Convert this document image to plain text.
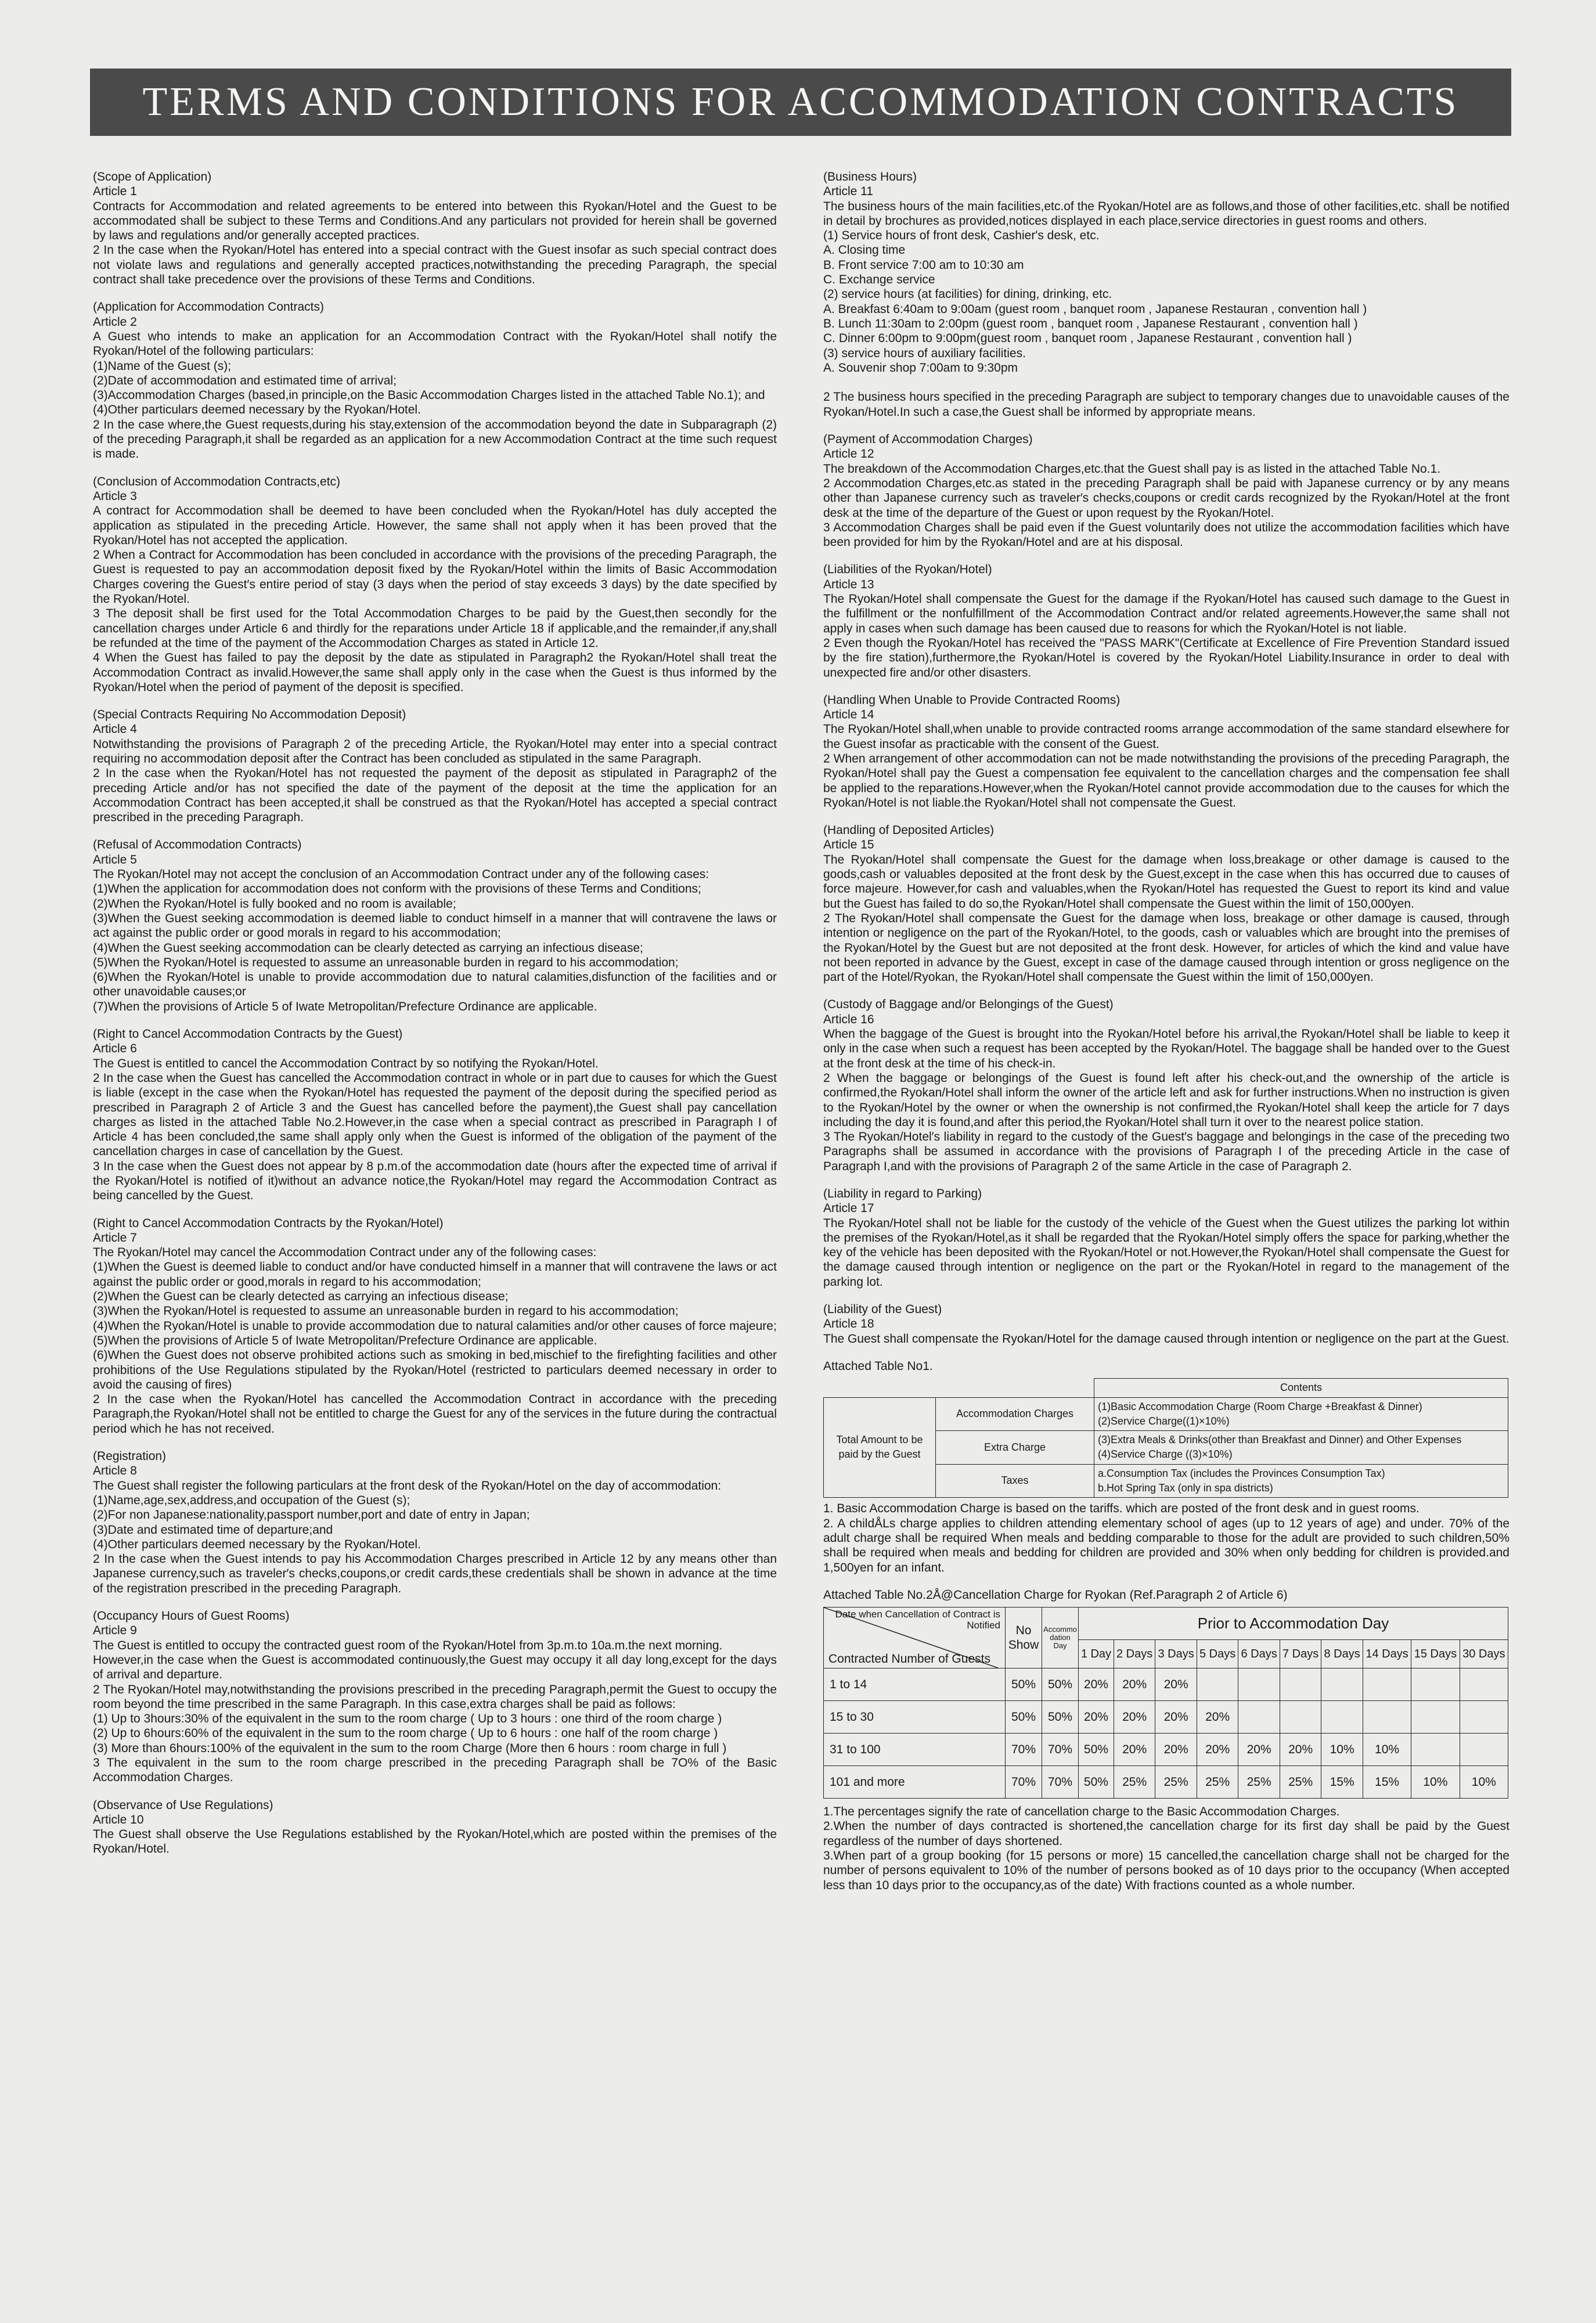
TERMS AND CONDITIONS FOR ACCOMMODATION CONTRACTS

(Scope of Application)

Article 1

Contracts for Accommodation and related agreements to be entered into between this Ryokan/Hotel and the Guest to be accommodated shall be subject to these Terms and Conditions.And any particulars not provided for herein shall be governed by laws and regulations and/or generally accepted practices.

2 In the case when the Ryokan/Hotel has entered into a special contract with the Guest insofar as such special contract does not violate laws and regulations and generally accepted practices,notwithstanding the preceding Paragraph, the special contract shall take precedence over the provisions of these Terms and Conditions.

(Application for Accommodation Contracts)

Article 2

A Guest who intends to make an application for an Accommodation Contract with the Ryokan/Hotel shall notify the Ryokan/Hotel of the following particulars:

(1)Name of the Guest (s);

(2)Date of accommodation and estimated time of arrival;

(3)Accommodation Charges (based,in principle,on the Basic Accommodation Charges listed in the attached Table No.1); and

(4)Other particulars deemed necessary by the Ryokan/Hotel.

2 In the case where,the Guest requests,during his stay,extension of the accommodation beyond the date in Subparagraph (2) of the preceding Paragraph,it shall be regarded as an application for a new Accommodation Contract at the time such request is made.

(Conclusion of Accommodation Contracts,etc)

Article 3

A contract for Accommodation shall be deemed to have been concluded when the Ryokan/Hotel has duly accepted the application as stipulated in the preceding Article. However, the same shall not apply when it has been proved that the Ryokan/Hotel has not accepted the application.

2 When a Contract for Accommodation has been concluded in accordance with the provisions of the preceding Paragraph, the Guest is requested to pay an accommodation deposit fixed by the Ryokan/Hotel within the limits of Basic Accommodation Charges covering the Guest′s entire period of stay (3 days when the period of stay exceeds 3 days) by the date specified by the Ryokan/Hotel.

3 The deposit shall be first used for the Total Accommodation Charges to be paid by the Guest,then secondly for the cancellation charges under Article 6 and thirdly for the reparations under Article 18 if applicable,and the remainder,if any,shall be refunded at the time of the payment of the Accommodation Charges as stated in Article 12.

4 When the Guest has failed to pay the deposit by the date as stipulated in Paragraph2 the Ryokan/Hotel shall treat the Accommodation Contract as invalid.However,the same shall apply only in the case when the Guest is thus informed by the Ryokan/Hotel when the period of payment of the deposit is specified.

(Special Contracts Requiring No Accommodation Deposit)

Article 4

Notwithstanding the provisions of Paragraph 2 of the preceding Article, the Ryokan/Hotel may enter into a special contract requiring no accommodation deposit after the Contract has been concluded as stipulated in the same Paragraph.

2 In the case when the Ryokan/Hotel has not requested the payment of the deposit as stipulated in Paragraph2 of the preceding Article and/or has not specified the date of the payment of the deposit at the time the application for an Accommodation Contract has been accepted,it shall be construed as that the Ryokan/Hotel has accepted a special contract prescribed in the preceding Paragraph.

(Refusal of Accommodation Contracts)

Article 5

The Ryokan/Hotel may not accept the conclusion of an Accommodation Contract under any of the following cases:

(1)When the application for accommodation does not conform with the provisions of these Terms and Conditions;

(2)When the Ryokan/Hotel is fully booked and no room is available;

(3)When the Guest seeking accommodation is deemed liable to conduct himself in a manner that will contravene the laws or act against the public order or good morals in regard to his accommodation;

(4)When the Guest seeking accommodation can be clearly detected as carrying an infectious disease;

(5)When the Ryokan/Hotel is requested to assume an unreasonable burden in regard to his accommodation;

(6)When the Ryokan/Hotel is unable to provide accommodation due to natural calamities,disfunction of the facilities and or other unavoidable causes;or

(7)When the provisions of Article 5 of Iwate Metropolitan/Prefecture Ordinance are applicable.

(Right to Cancel Accommodation Contracts by the Guest)

Article 6

The Guest is entitled to cancel the Accommodation Contract by so notifying the Ryokan/Hotel.

2 In the case when the Guest has cancelled the Accommodation contract in whole or in part due to causes for which the Guest is liable (except in the case when the Ryokan/Hotel has requested the payment of the deposit during the specified period as prescribed in Paragraph 2 of Article 3 and the Guest has cancelled before the payment),the Guest shall pay cancellation charges as listed in the attached Table No.2.However,in the case when a special contract as prescribed in Paragraph I of Article 4 has been concluded,the same shall apply only when the Guest is informed of the obligation of the payment of the cancellation charges in case of cancellation by the Guest.

3 In the case when the Guest does not appear by 8 p.m.of the accommodation date (hours after the expected time of arrival if the Ryokan/Hotel is notified of it)without an advance notice,the Ryokan/Hotel may regard the Accommodation Contract as being cancelled by the Guest.

(Right to Cancel Accommodation Contracts by the Ryokan/Hotel)

Article 7

The Ryokan/Hotel may cancel the Accommodation Contract under any of the following cases:

(1)When the Guest is deemed liable to conduct and/or have conducted himself in a manner that will contravene the laws or act against the public order or good,morals in regard to his accommodation;

(2)When the Guest can be clearly detected as carrying an infectious disease;

(3)When the Ryokan/Hotel is requested to assume an unreasonable burden in regard to his accommodation;

(4)When the Ryokan/Hotel is unable to provide accommodation due to natural calamities and/or other causes of force majeure;

(5)When the provisions of Article 5 of Iwate Metropolitan/Prefecture Ordinance are applicable.

(6)When the Guest does not observe prohibited actions such as smoking in bed,mischief to the firefighting facilities and other prohibitions of the Use Regulations stipulated by the Ryokan/Hotel (restricted to particulars deemed necessary in order to avoid the causing of fires)

2 In the case when the Ryokan/Hotel has cancelled the Accommodation Contract in accordance with the preceding Paragraph,the Ryokan/Hotel shall not be entitled to charge the Guest for any of the services in the future during the contractual period which he has not received.

(Registration)

Article 8

The Guest shall register the following particulars at the front desk of the Ryokan/Hotel on the day of accommodation:

(1)Name,age,sex,address,and occupation of the Guest (s);

(2)For non Japanese:nationality,passport number,port and date of entry in Japan;

(3)Date and estimated time of departure;and

(4)Other particulars deemed necessary by the Ryokan/Hotel.

2 In the case when the Guest intends to pay his Accommodation Charges prescribed in Article 12 by any means other than Japanese currency,such as traveler′s checks,coupons,or credit cards,these credentials shall be shown in advance at the time of the registration prescribed in the preceding Paragraph.

(Occupancy Hours of Guest Rooms)

Article 9

The Guest is entitled to occupy the contracted guest room of the Ryokan/Hotel from 3p.m.to 10a.m.the next morning.

However,in the case when the Guest is accommodated continuously,the Guest may occupy it all day long,except for the days of arrival and departure.

2 The Ryokan/Hotel may,notwithstanding the provisions prescribed in the preceding Paragraph,permit the Guest to occupy the room beyond the time prescribed in the same Paragraph. In this case,extra charges shall be paid as follows:

(1) Up to 3hours:30% of the equivalent in the sum to the room charge ( Up to 3 hours : one third of the room charge )

(2) Up to 6hours:60% of the equivalent in the sum to the room charge ( Up to 6 hours : one half of the room charge )

(3) More than 6hours:100% of the equivalent in the sum to the room Charge (More then 6 hours : room charge in full )

3 The equivalent in the sum to the room charge prescribed in the preceding Paragraph shall be 7O% of the Basic Accommodation Charges.

(Observance of Use Regulations)

Article 10

The Guest shall observe the Use Regulations established by the Ryokan/Hotel,which are posted within the premises of the Ryokan/Hotel.

(Business Hours)

Article 11

The business hours of the main facilities,etc.of the Ryokan/Hotel are as follows,and those of other facilities,etc. shall be notified in detail by brochures as provided,notices displayed in each place,service directories in guest rooms and others.

(1) Service hours of front desk, Cashier's desk, etc.

A. Closing time

B. Front service 7:00 am to 10:30 am

C. Exchange service

(2) service hours (at facilities) for dining, drinking, etc.

A. Breakfast 6:40am to 9:00am (guest room , banquet room , Japanese Restauran , convention hall )

B. Lunch 11:30am to 2:00pm (guest room , banquet room , Japanese Restaurant , convention hall )

C. Dinner 6:00pm to 9:00pm(guest room , banquet room , Japanese Restaurant , convention hall )

(3) service hours of auxiliary facilities.

A. Souvenir shop 7:00am to 9:30pm

2 The business hours specified in the preceding Paragraph are subject to temporary changes due to unavoidable causes of the Ryokan/Hotel.In such a case,the Guest shall be informed by appropriate means.

(Payment of Accommodation Charges)

Article 12

The breakdown of the Accommodation Charges,etc.that the Guest shall pay is as listed in the attached Table No.1.

2 Accommodation Charges,etc.as stated in the preceding Paragraph shall be paid with Japanese currency or by any means other than Japanese currency such as traveler′s checks,coupons or credit cards recognized by the Ryokan/Hotel at the front desk at the time of the departure of the Guest or upon request by the Ryokan/Hotel.

3 Accommodation Charges shall be paid even if the Guest voluntarily does not utilize the accommodation facilities which have been provided for him by the Ryokan/Hotel and are at his disposal.

(Liabilities of the Ryokan/Hotel)

Article 13

The Ryokan/Hotel shall compensate the Guest for the damage if the Ryokan/Hotel has caused such damage to the Guest in the fulfillment or the nonfulfillment of the Accommodation Contract and/or related agreements.However,the same shall not apply in cases when such damage has been caused due to reasons for which the Ryokan/Hotel is not liable.

2 Even though the Ryokan/Hotel has received the "PASS MARK"(Certificate at Excellence of Fire Prevention Standard issued by the fire station),furthermore,the Ryokan/Hotel is covered by the Ryokan/Hotel Liability.Insurance in order to deal with unexpected fire and/or other disasters.

(Handling When Unable to Provide Contracted Rooms)

Article 14

The Ryokan/Hotel shall,when unable to provide contracted rooms arrange accommodation of the same standard elsewhere for the Guest insofar as practicable with the consent of the Guest.

2 When arrangement of other accommodation can not be made notwithstanding the provisions of the preceding Paragraph, the Ryokan/Hotel shall pay the Guest a compensation fee equivalent to the cancellation charges and the compensation fee shall be applied to the reparations.However,when the Ryokan/Hotel cannot provide accommodation due to the causes for which the Ryokan/Hotel is not liable.the Ryokan/Hotel shall not compensate the Guest.

(Handling of Deposited Articles)

Article 15

The Ryokan/Hotel shall compensate the Guest for the damage when loss,breakage or other damage is caused to the goods,cash or valuables deposited at the front desk by the Guest,except in the case when this has occurred due to causes of force majeure. However,for cash and valuables,when the Ryokan/Hotel has requested the Guest to report its kind and value but the Guest has failed to do so,the Ryokan/Hotel shall compensate the Guest within the limit of 150,000yen.

2 The Ryokan/Hotel shall compensate the Guest for the damage when loss, breakage or other damage is caused, through intention or negligence on the part of the Ryokan/Hotel, to the goods, cash or valuables which are brought into the premises of the Ryokan/Hotel by the Guest but are not deposited at the front desk. However, for articles of which the kind and value have not been reported in advance by the Guest, except in case of the damage caused through intention or gross negligence on the part of the Hotel/Ryokan, the Ryokan/Hotel shall compensate the Guest within the limit of 150,000yen.

(Custody of Baggage and/or Belongings of the Guest)

Article 16

When the baggage of the Guest is brought into the Ryokan/Hotel before his arrival,the Ryokan/Hotel shall be liable to keep it only in the case when such a request has been accepted by the Ryokan/Hotel. The baggage shall be handed over to the Guest at the front desk at the time of his check-in.

2 When the baggage or belongings of the Guest is found left after his check-out,and the ownership of the article is confirmed,the Ryokan/Hotel shall inform the owner of the article left and ask for further instructions.When no instruction is given to the Ryokan/Hotel by the owner or when the ownership is not confirmed,the Ryokan/Hotel shall keep the article for 7 days including the day it is found,and after this period,the Ryokan/Hotel shall turn it over to the nearest police station.

3 The Ryokan/Hotel′s liability in regard to the custody of the Guest′s baggage and belongings in the case of the preceding two Paragraphs shall be assumed in accordance with the provisions of Paragraph I of the preceding Article in the case of Paragraph I,and with the provisions of Paragraph 2 of the same Article in the case of Paragraph 2.

(Liability in regard to Parking)

Article 17

The Ryokan/Hotel shall not be liable for the custody of the vehicle of the Guest when the Guest utilizes the parking lot within the premises of the Ryokan/Hotel,as it shall be regarded that the Ryokan/Hotel simply offers the space for parking,whether the key of the vehicle has been deposited with the Ryokan/Hotel or not.However,the Ryokan/Hotel shall compensate the Guest for the damage caused through intention or negligence on the part or the Ryokan/Hotel in regard to the management of the parking lot.

(Liability of the Guest)

Article 18

The Guest shall compensate the Ryokan/Hotel for the damage caused through intention or negligence on the part at the Guest.

Attached Table No1.
		Contents
Total Amount to be paid by the Guest	Accommodation Charges	(1)Basic Accommodation Charge (Room Charge +Breakfast & Dinner)
(2)Service Charge((1)×10%)

	Extra Charge	(3)Extra Meals & Drinks(other than Breakfast and Dinner) and Other Expenses
(4)Service Charge ((3)×10%)

	Taxes	a.Consumption Tax (includes the Provinces Consumption Tax)
b.Hot Spring Tax (only in spa districts)

1. Basic Accommodation Charge is based on the tariffs. which are posted of the front desk and in guest rooms.

2. A childÅLs charge applies to children attending elementary school of ages (up to 12 years of age) and under. 70% of the adult charge shall be required When meals and bedding comparable to those for the adult are provided to such children,50% shall be required when meals and bedding for children are provided and 30% when only bedding for children is provided.and 1,500yen for an infant.

Attached Table No.2Å@Cancellation Charge for Ryokan (Ref.Paragraph 2 of Article 6)
Date when Cancellation of Contract is Notified
Contracted Number of Guests	No Show	Accommo dation Day	Prior to Accommodation Day									
			1 Day	2 Days	3 Days	5 Days	6 Days	7 Days	8 Days	14 Days	15 Days	30 Days
1 to 14	50%	50%	20%	20%	20%							
15 to 30	50%	50%	20%	20%	20%	20%						
31 to 100	70%	70%	50%	20%	20%	20%	20%	20%	10%	10%		
101 and more	70%	70%	50%	25%	25%	25%	25%	25%	15%	15%	10%	10%

1.The percentages signify the rate of cancellation charge to the Basic Accommodation Charges.

2.When the number of days contracted is shortened,the cancellation charge for its first day shall be paid by the Guest regardless of the number of days shortened.

3.When part of a group booking (for 15 persons or more) 15 cancelled,the cancellation charge shall not be charged for the number of persons equivalent to 10% of the number of persons booked as of 10 days prior to the occupancy (When accepted less than 10 days prior to the occupancy,as of the date) With fractions counted as a whole number.
